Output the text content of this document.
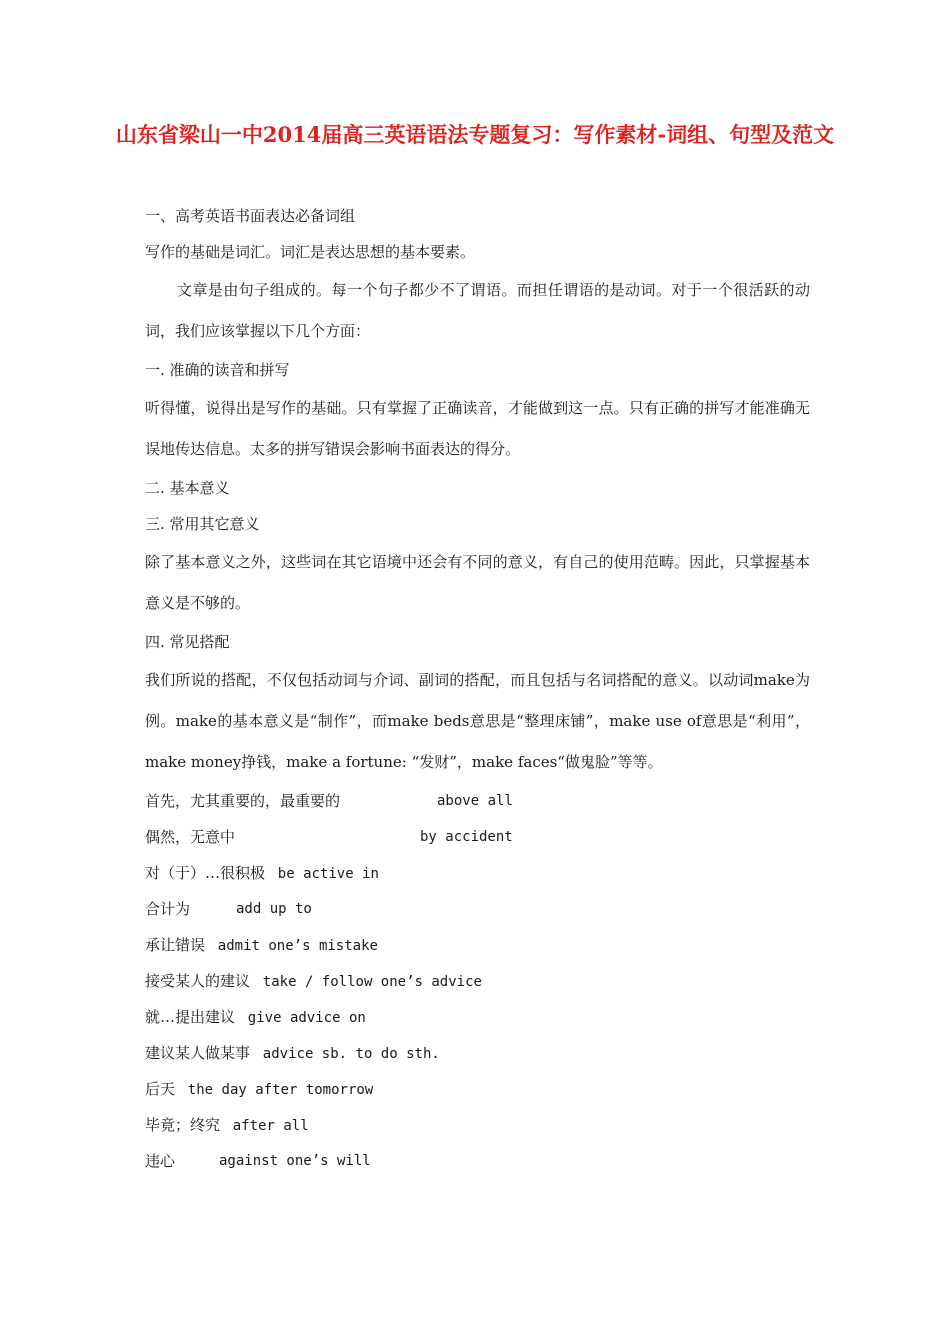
山东省梁山一中2014届高三英语语法专题复习：写作素材-词组、句型及范文

一、高考英语书面表达必备词组

写作的基础是词汇。词汇是表达思想的基本要素。

文章是由句子组成的。每一个句子都少不了谓语。而担任谓语的是动词。对于一个很活跃的动词，我们应该掌握以下几个方面：

一. 准确的读音和拼写

听得懂，说得出是写作的基础。只有掌握了正确读音，才能做到这一点。只有正确的拼写才能准确无误地传达信息。太多的拼写错误会影响书面表达的得分。

二. 基本意义

三. 常用其它意义

除了基本意义之外，这些词在其它语境中还会有不同的意义，有自己的使用范畴。因此，只掌握基本意义是不够的。

四. 常见搭配

我们所说的搭配，不仅包括动词与介词、副词的搭配，而且包括与名词搭配的意义。以动词make为例。make的基本意义是“制作”，而make beds意思是“整理床铺”，make use of意思是“利用”，make money挣钱，make a fortune: “发财”，make faces“做鬼脸”等等。

首先，尤其重要的，最重要的	above all
偶然，无意中	by accident
对（于）…很积极 be active in
合计为	add up to
承让错误 admit one’s mistake
接受某人的建议 take / follow one’s advice
就…提出建议 give advice on
建议某人做某事 advice sb. to do sth.
后天 the day after tomorrow
毕竟；终究 after all
违心	against one’s will
